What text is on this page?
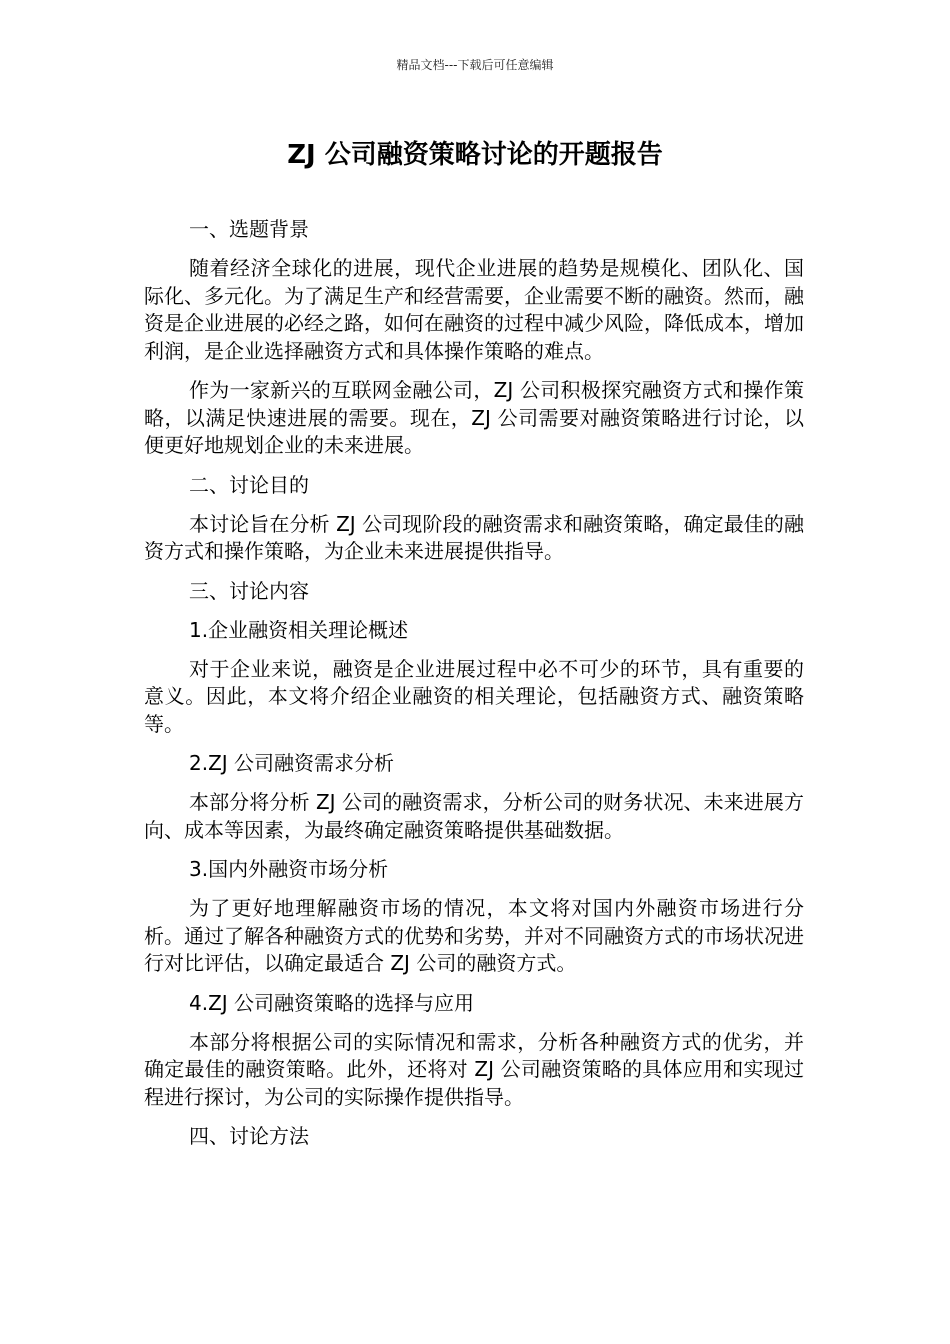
精品文档---下载后可任意编辑
ZJ 公司融资策略讨论的开题报告

一、选题背景

随着经济全球化的进展，现代企业进展的趋势是规模化、团队化、国际化、多元化。为了满足生产和经营需要，企业需要不断的融资。然而，融资是企业进展的必经之路，如何在融资的过程中减少风险，降低成本，增加利润，是企业选择融资方式和具体操作策略的难点。

作为一家新兴的互联网金融公司，ZJ 公司积极探究融资方式和操作策略，以满足快速进展的需要。现在，ZJ 公司需要对融资策略进行讨论，以便更好地规划企业的未来进展。

二、讨论目的

本讨论旨在分析 ZJ 公司现阶段的融资需求和融资策略，确定最佳的融资方式和操作策略，为企业未来进展提供指导。

三、讨论内容

1.企业融资相关理论概述

对于企业来说，融资是企业进展过程中必不可少的环节，具有重要的意义。因此，本文将介绍企业融资的相关理论，包括融资方式、融资策略等。

2.ZJ 公司融资需求分析

本部分将分析 ZJ 公司的融资需求，分析公司的财务状况、未来进展方向、成本等因素，为最终确定融资策略提供基础数据。

3.国内外融资市场分析

为了更好地理解融资市场的情况，本文将对国内外融资市场进行分析。通过了解各种融资方式的优势和劣势，并对不同融资方式的市场状况进行对比评估，以确定最适合 ZJ 公司的融资方式。

4.ZJ 公司融资策略的选择与应用

本部分将根据公司的实际情况和需求，分析各种融资方式的优劣，并确定最佳的融资策略。此外，还将对 ZJ 公司融资策略的具体应用和实现过程进行探讨，为公司的实际操作提供指导。

四、讨论方法
